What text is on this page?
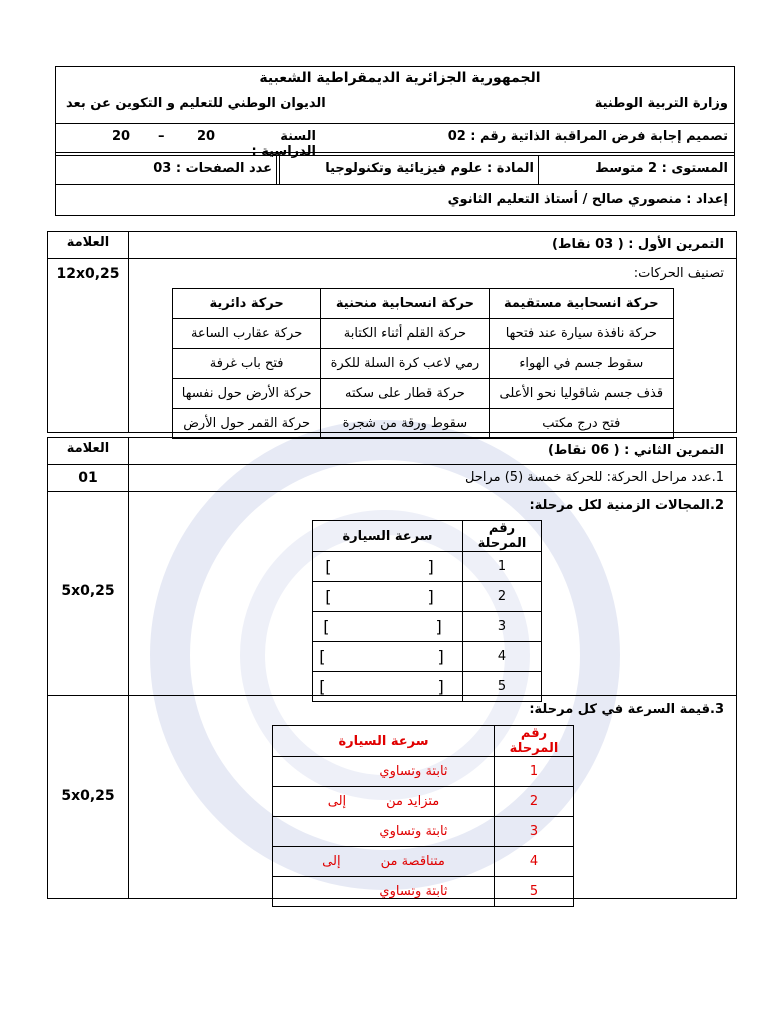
الجمهورية الجزائرية الديمقراطية الشعبية
وزارة التربية الوطنية
الديوان الوطني للتعليم و التكوين عن بعد
تصميم إجابة فرض المراقبة الذاتية رقم : 02
السنة الدراسية :
20
–
20
المستوى : 2 متوسط
المادة : علوم فيزيائية وتكنولوجيا
عدد الصفحات : 03
إعداد : منصوري صالح / أستاذ التعليم الثانوي
التمرين الأول : ( 03 نقاط)
العلامة
12x0,25	تصنيف الحركات:
حركة انسحابية مستقيمة	حركة انسحابية منحنية	حركة دائرية
حركة نافذة سيارة عند فتحها	حركة القلم أثناء الكتابة	حركة عقارب الساعة
سقوط جسم في الهواء	رمي لاعب كرة السلة للكرة	فتح باب غرفة
قذف جسم شاقوليا نحو الأعلى	حركة قطار على سكته	حركة الأرض حول نفسها
فتح درج مكتب	سقوط ورقة من شجرة	حركة القمر حول الأرض
التمرين الثاني : ( 06 نقاط)
العلامة
1.عدد مراحل الحركة: للحركة خمسة (5) مراحل
01
2.المجالات الزمنية لكل مرحلة:
5x0,25
رقم المرحلة	سرعة السيارة
1	[ ]

2	[ ]

3	[ ]

4	[ ]

5	[ ]
3.قيمة السرعة في كل مرحلة:
5x0,25
رقم المرحلة	سرعة السيارة
1	ثابتة وتساوي
2	متزايد منإلى
3	ثابتة وتساوي
4	متناقصة منإلى
5	ثابتة وتساوي
